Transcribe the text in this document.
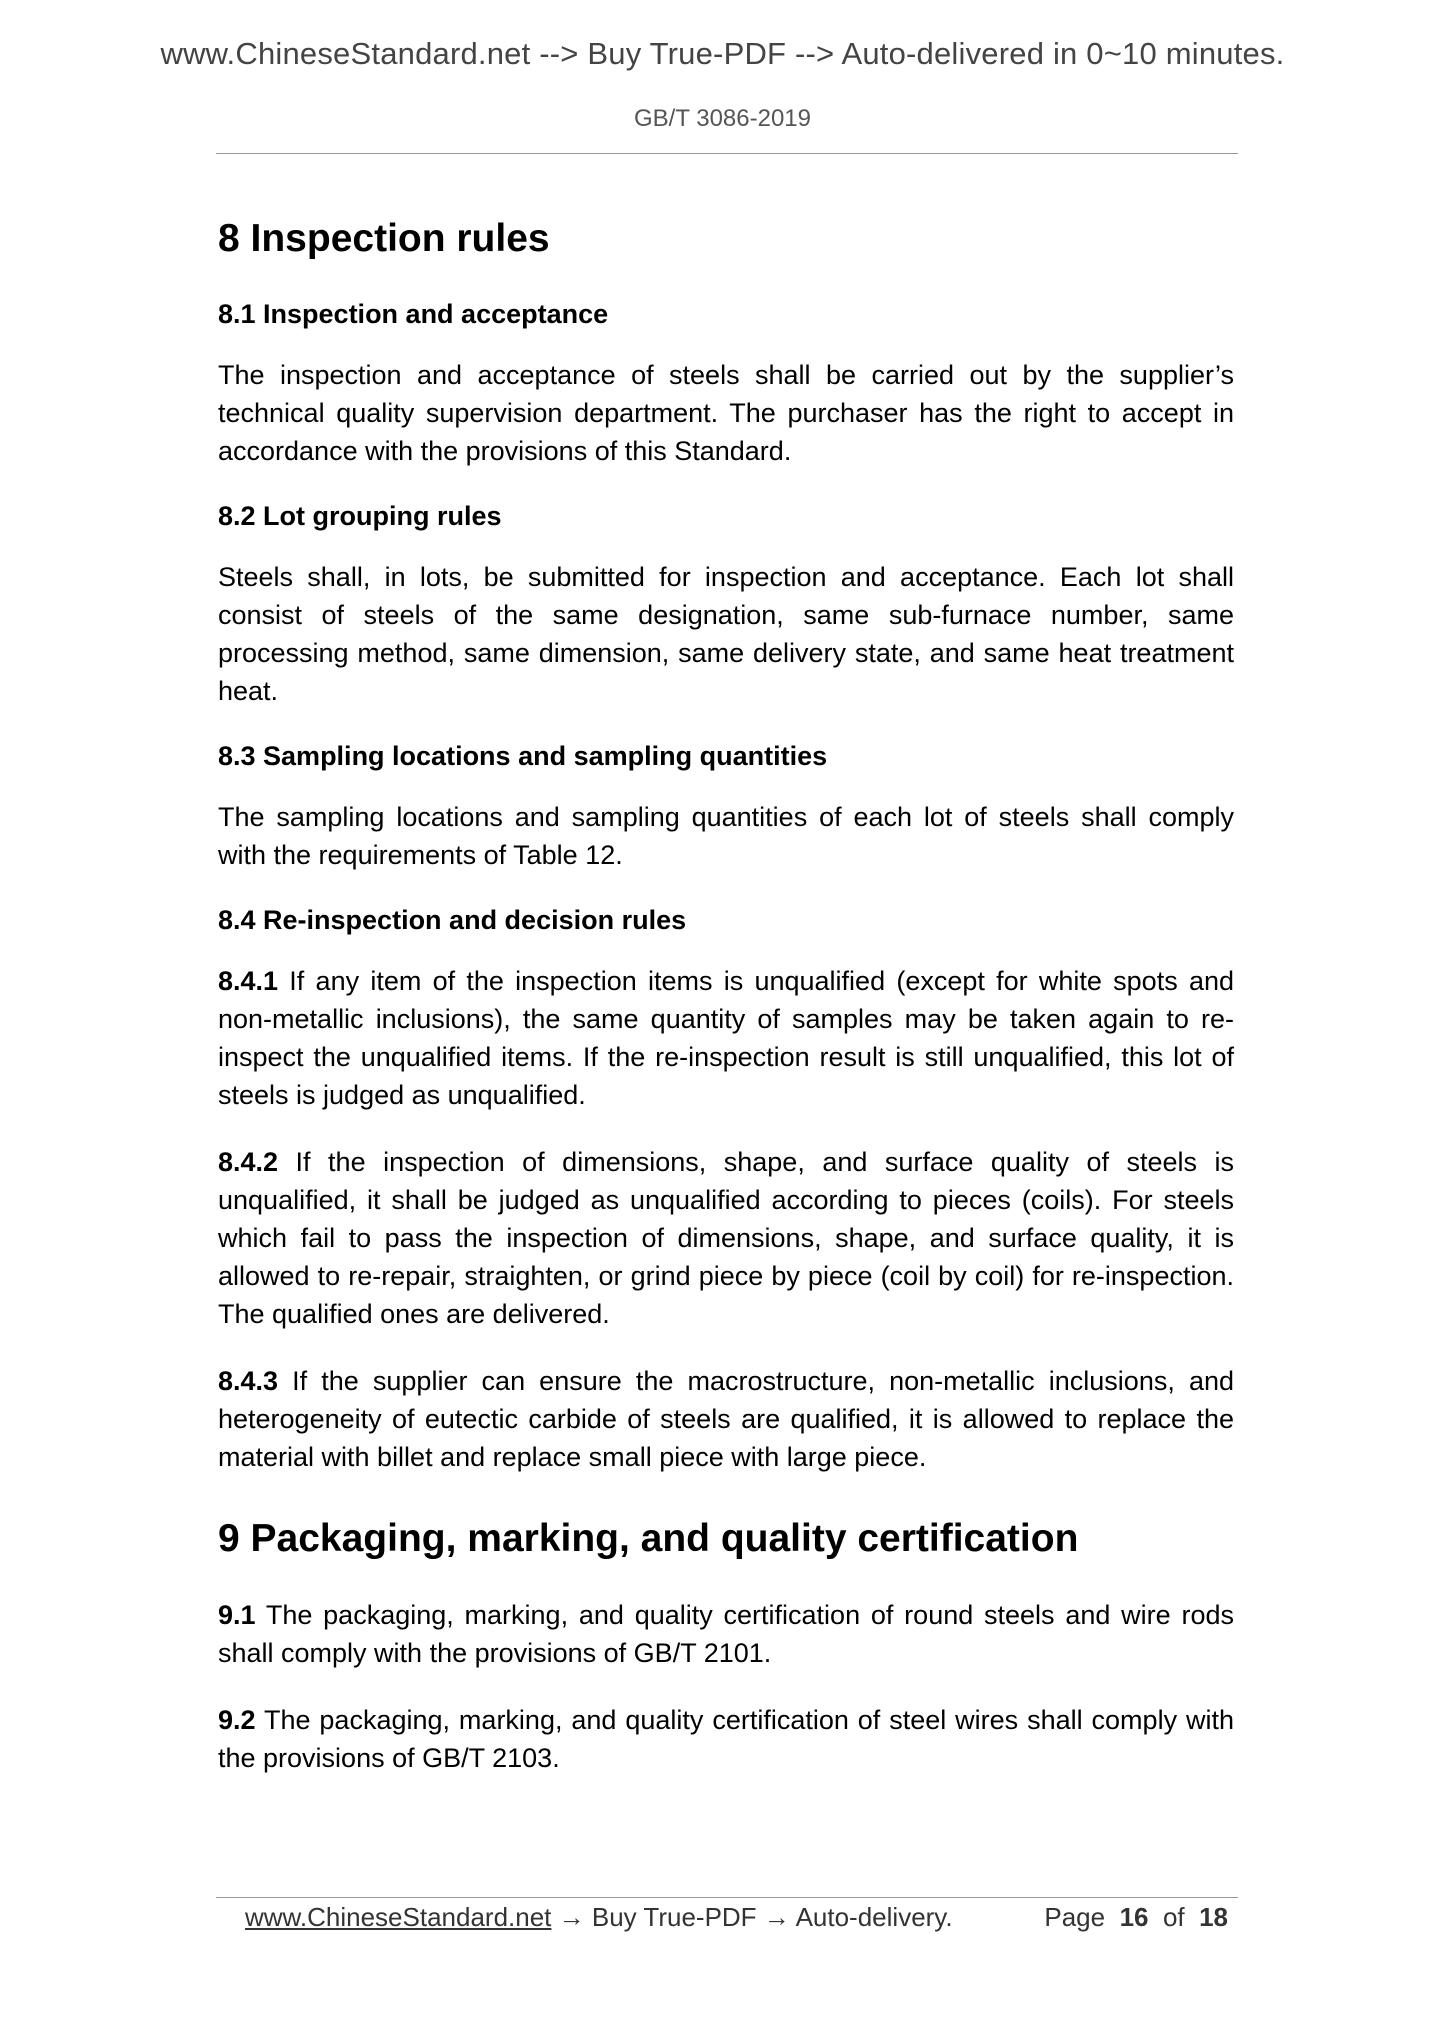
www.ChineseStandard.net --> Buy True-PDF --> Auto-delivered in 0~10 minutes.
GB/T 3086-2019
8 Inspection rules
8.1 Inspection and acceptance

The inspection and acceptance of steels shall be carried out by the supplier’s technical quality supervision department. The purchaser has the right to accept in accordance with the provisions of this Standard.

8.2 Lot grouping rules

Steels shall, in lots, be submitted for inspection and acceptance. Each lot shall consist of steels of the same designation, same sub-furnace number, same processing method, same dimension, same delivery state, and same heat treatment heat.

8.3 Sampling locations and sampling quantities

The sampling locations and sampling quantities of each lot of steels shall comply with the requirements of Table 12.

8.4 Re-inspection and decision rules

8.4.1 If any item of the inspection items is unqualified (except for white spots and non-metallic inclusions), the same quantity of samples may be taken again to re-inspect the unqualified items. If the re-inspection result is still unqualified, this lot of steels is judged as unqualified.

8.4.2 If the inspection of dimensions, shape, and surface quality of steels is unqualified, it shall be judged as unqualified according to pieces (coils). For steels which fail to pass the inspection of dimensions, shape, and surface quality, it is allowed to re-repair, straighten, or grind piece by piece (coil by coil) for re-inspection. The qualified ones are delivered.

8.4.3 If the supplier can ensure the macrostructure, non-metallic inclusions, and heterogeneity of eutectic carbide of steels are qualified, it is allowed to replace the material with billet and replace small piece with large piece.

9 Packaging, marking, and quality certification

9.1 The packaging, marking, and quality certification of round steels and wire rods shall comply with the provisions of GB/T 2101.

9.2 The packaging, marking, and quality certification of steel wires shall comply with the provisions of GB/T 2103.

www.ChineseStandard.net → Buy True-PDF → Auto-delivery.	Page 16 of 18
